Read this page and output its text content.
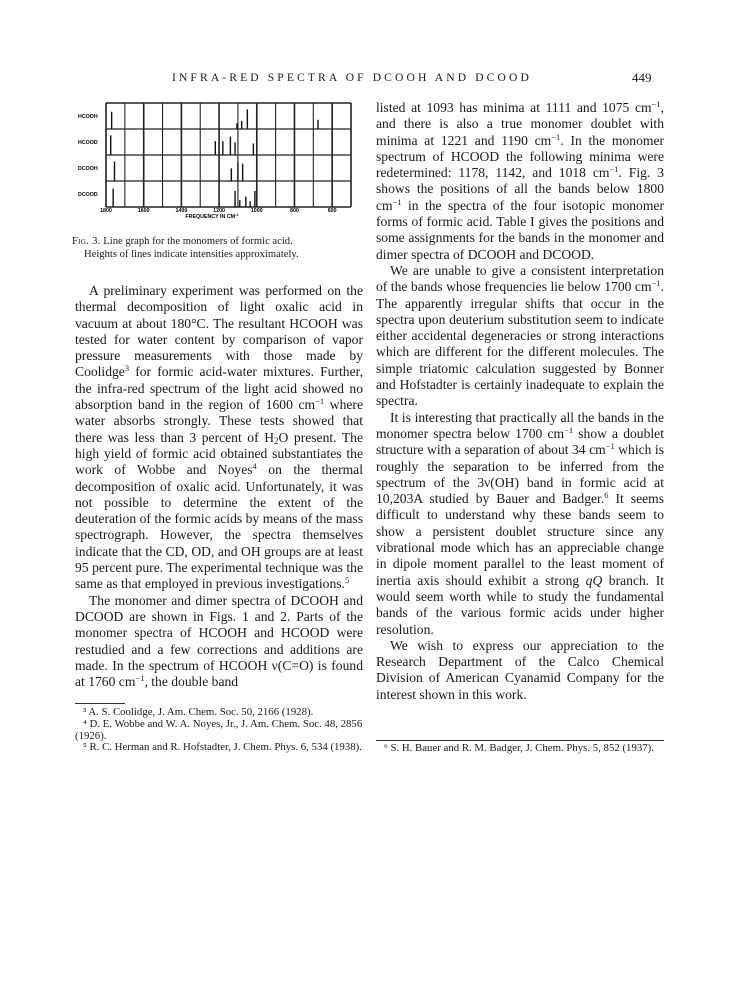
INFRA-RED SPECTRA OF DCOOH AND DCOOD	449
HCOOH
HCOOD
DCOOH
DCOOD
1800	1600	1400	1200	1000	800	600
FREQUENCY IN $CM^{-1}$
Fig. 3. Line graph for the monomers of formic acid.
Heights of lines indicate intensities approximately.

A preliminary experiment was performed on the thermal decomposition of light oxalic acid in vacuum at about 180°C. The resultant HCOOH was tested for water content by comparison of vapor pressure measurements with those made by Coolidge$^3$ for formic acid-water mixtures. Further, the infra-red spectrum of the light acid showed no absorption band in the region of 1600 $cm^{-1}$ where water absorbs strongly. These tests showed that there was less than 3 percent of $H_2O$ present. The high yield of formic acid obtained substantiates the work of Wobbe and Noyes$^4$ on the thermal decomposition of oxalic acid. Unfortunately, it was not possible to determine the extent of the deuteration of the formic acids by means of the mass spectrograph. However, the spectra themselves indicate that the CD, OD, and OH groups are at least 95 percent pure. The experimental technique was the same as that employed in previous investigations.$^5$

The monomer and dimer spectra of DCOOH and DCOOD are shown in Figs. 1 and 2. Parts of the monomer spectra of HCOOH and HCOOD were restudied and a few corrections and additions are made. In the spectrum of HCOOH ν(C=O) is found at 1760 $cm^{-1}$, the double band

³ A. S. Coolidge, J. Am. Chem. Soc. 50, 2166 (1928).

⁴ D. E. Wobbe and W. A. Noyes, Jr., J. Am. Chem. Soc. 48, 2856 (1926).

⁵ R. C. Herman and R. Hofstadter, J. Chem. Phys. 6, 534 (1938).

listed at 1093 has minima at 1111 and 1075 $cm^{-1}$, and there is also a true monomer doublet with minima at 1221 and 1190 $cm^{-1}$. In the monomer spectrum of HCOOD the following minima were redetermined: 1178, 1142, and 1018 $cm^{-1}$. Fig. 3 shows the positions of all the bands below 1800 $cm^{-1}$ in the spectra of the four isotopic monomer forms of formic acid. Table I gives the positions and some assignments for the bands in the monomer and dimer spectra of DCOOH and DCOOD.

We are unable to give a consistent interpretation of the bands whose frequencies lie below 1700 $cm^{-1}$. The apparently irregular shifts that occur in the spectra upon deuterium substitution seem to indicate either accidental degeneracies or strong interactions which are different for the different molecules. The simple triatomic calculation suggested by Bonner and Hofstadter is certainly inadequate to explain the spectra.

It is interesting that practically all the bands in the monomer spectra below 1700 $cm^{-1}$ show a doublet structure with a separation of about 34 $cm^{-1}$ which is roughly the separation to be inferred from the spectrum of the 3ν(OH) band in formic acid at 10,203A studied by Bauer and Badger.$^6$ It seems difficult to understand why these bands seem to show a persistent doublet structure since any vibrational mode which has an appreciable change in dipole moment parallel to the least moment of inertia axis should exhibit a strong qQ branch. It would seem worth while to study the fundamental bands of the various formic acids under higher resolution.

We wish to express our appreciation to the Research Department of the Calco Chemical Division of American Cyanamid Company for the interest shown in this work.

⁶ S. H. Bauer and R. M. Badger, J. Chem. Phys. 5, 852 (1937).
